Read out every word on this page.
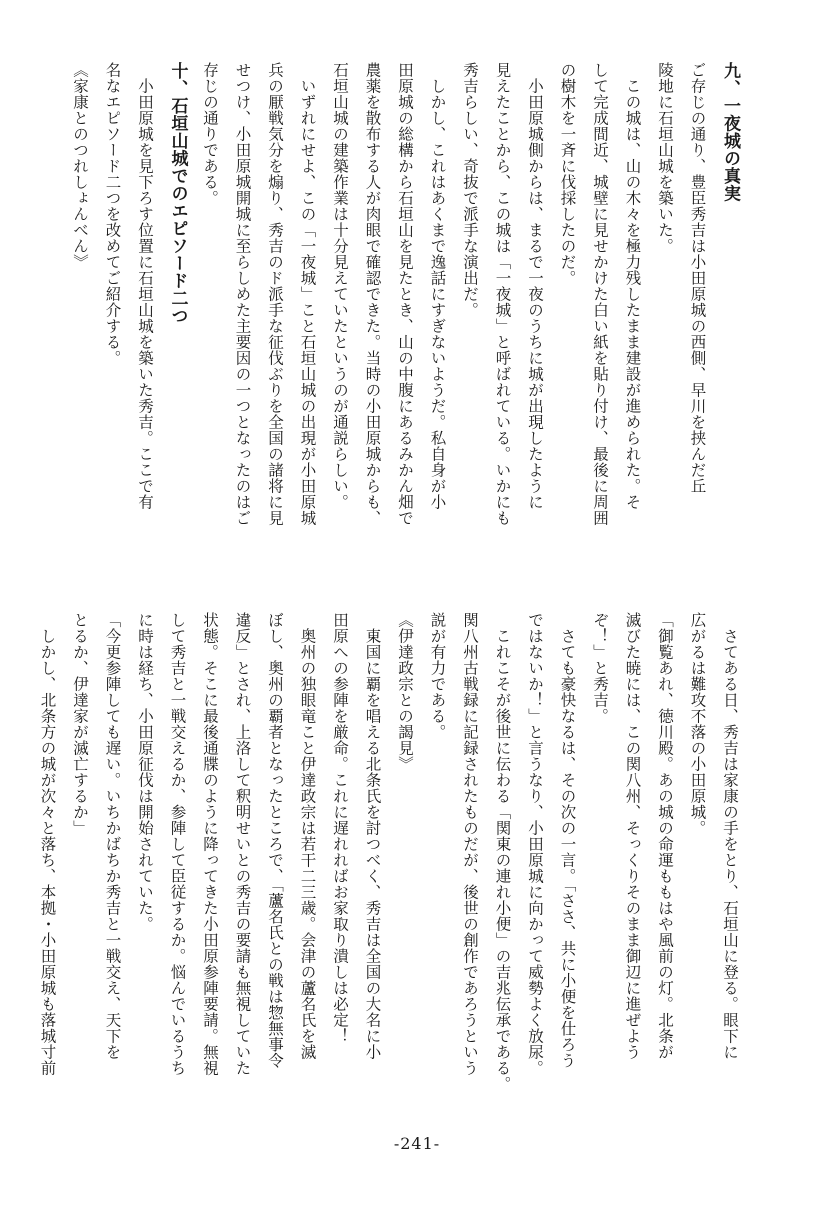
九、一夜城の真実
ご存じの通り、豊臣秀吉は小田原城の西側、早川を挟んだ丘
陵地に石垣山城を築いた。
　この城は、山の木々を極力残したまま建設が進められた。そ
して完成間近、城壁に見せかけた白い紙を貼り付け、最後に周囲
の樹木を一斉に伐採したのだ。
　小田原城側からは、まるで一夜のうちに城が出現したように
見えたことから、この城は「一夜城」と呼ばれている。いかにも
秀吉らしい、奇抜で派手な演出だ。
　しかし、これはあくまで逸話にすぎないようだ。私自身が小
田原城の総構から石垣山を見たとき、山の中腹にあるみかん畑で
農薬を散布する人が肉眼で確認できた。当時の小田原城からも、
石垣山城の建築作業は十分見えていたというのが通説らしい。
　いずれにせよ、この「一夜城」こと石垣山城の出現が小田原城
兵の厭戦気分を煽り、秀吉のド派手な征伐ぶりを全国の諸将に見
せつけ、小田原城開城に至らしめた主要因の一つとなったのはご
存じの通りである。
十、石垣山城でのエピソード二つ
　小田原城を見下ろす位置に石垣山城を築いた秀吉。ここで有
名なエピソード二つを改めてご紹介する。
《家康とのつれしょんべん》
　さてある日、秀吉は家康の手をとり、石垣山に登る。眼下に
広がるは難攻不落の小田原城。
「御覧あれ、徳川殿。あの城の命運ももはや風前の灯。北条が
滅びた暁には、この関八州、そっくりそのまま御辺に進ぜよう
ぞ！」と秀吉。
　さても豪快なるは、その次の一言。「ささ、共に小便を仕ろう
ではないか！」と言うなり、小田原城に向かって威勢よく放尿。
　これこそが後世に伝わる「関東の連れ小便」の吉兆伝承である。
関八州古戦録に記録されたものだが、後世の創作であろうという
説が有力である。
《伊達政宗との謁見》
　東国に覇を唱える北条氏を討つべく、秀吉は全国の大名に小
田原への参陣を厳命。これに遅れればお家取り潰しは必定！
　奥州の独眼竜こと伊達政宗は若干二三歳。会津の蘆名氏を滅
ぼし、奥州の覇者となったところで、「蘆名氏との戦は惣無事令
違反」とされ、上洛して釈明せいとの秀吉の要請も無視していた
状態。そこに最後通牒のように降ってきた小田原参陣要請。無視
して秀吉と一戦交えるか、参陣して臣従するか。悩んでいるうち
に時は経ち、小田原征伐は開始されていた。
「今更参陣しても遅い。いちかばちか秀吉と一戦交え、天下を
とるか、伊達家が滅亡するか」
　しかし、北条方の城が次々と落ち、本拠・小田原城も落城寸前
-241-
